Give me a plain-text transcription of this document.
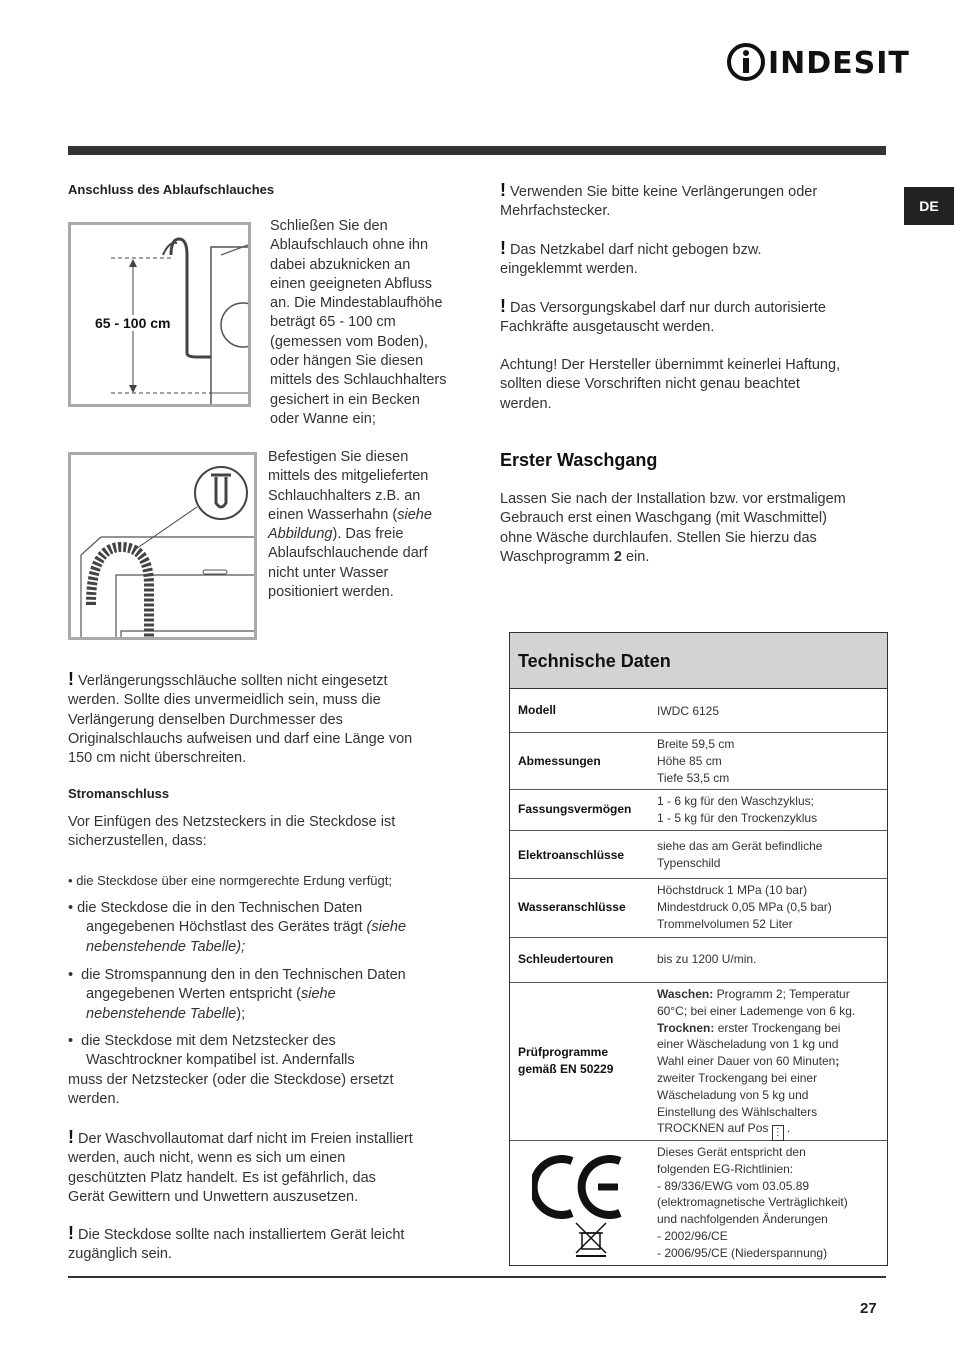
INDESIT
DE
Anschluss des Ablaufschlauches
65 - 100 cm
Schließen Sie den
Ablaufschlauch ohne ihn
dabei abzuknicken an
einen geeigneten Abfluss
an. Die Mindestablaufhöhe
beträgt 65 - 100 cm
(gemessen vom Boden),
oder hängen Sie diesen
mittels des Schlauchhalters
gesichert in ein Becken
oder Wanne ein;
Befestigen Sie diesen
mittels des mitgelieferten
Schlauchhalters z.B. an
einen Wasserhahn (siehe Abbildung). Das freie
Ablaufschlauchende darf
nicht unter Wasser
positioniert werden.
! Verlängerungsschläuche sollten nicht eingesetzt
werden. Sollte dies unvermeidlich sein, muss die
Verlängerung denselben Durchmesser des
Originalschlauchs aufweisen und darf eine Länge von
150 cm nicht überschreiten.
Stromanschluss
Vor Einfügen des Netzsteckers in die Steckdose ist
sicherzustellen, dass:
• die Steckdose über eine normgerechte Erdung verfügt;
• die Steckdose die in den Technischen Daten
angegebenen Höchstlast des Gerätes trägt (siehe
nebenstehende Tabelle);
• die Stromspannung den in den Technischen Daten
angegebenen Werten entspricht (siehe
nebenstehende Tabelle);
• die Steckdose mit dem Netzstecker des
Waschtrockner kompatibel ist. Andernfalls
muss der Netzstecker (oder die Steckdose) ersetzt
werden.
! Der Waschvollautomat darf nicht im Freien installiert
werden, auch nicht, wenn es sich um einen
geschützten Platz handelt. Es ist gefährlich, das
Gerät Gewittern und Unwettern auszusetzen.
! Die Steckdose sollte nach installiertem Gerät leicht
zugänglich sein.
! Verwenden Sie bitte keine Verlängerungen oder
Mehrfachstecker.
! Das Netzkabel darf nicht gebogen bzw.
eingeklemmt werden.
! Das Versorgungskabel darf nur durch autorisierte
Fachkräfte ausgetauscht werden.
Achtung! Der Hersteller übernimmt keinerlei Haftung,
sollten diese Vorschriften nicht genau beachtet
werden.
Erster Waschgang
Lassen Sie nach der Installation bzw. vor erstmaligem
Gebrauch erst einen Waschgang (mit Waschmittel)
ohne Wäsche durchlaufen. Stellen Sie hierzu das
Waschprogramm 2 ein.
Technische Daten
Modell	IWDC 6125
Abmessungen
Breite 59,5 cm
Höhe 85 cm
Tiefe 53,5 cm
Fassungsvermögen
1 - 6 kg für den Waschzyklus;
1 - 5 kg für den Trockenzyklus
Elektroanschlüsse
siehe das am Gerät befindliche
Typenschild
Wasseranschlüsse
Höchstdruck 1 MPa (10 bar)
Mindestdruck 0,05 MPa (0,5 bar)
Trommelvolumen 52 Liter
Schleudertouren	bis zu 1200 U/min.
Prüfprogramme
gemäß EN 50229
Waschen: Programm 2; Temperatur
60°C; bei einer Lademenge von 6 kg.
Trocknen: erster Trockengang bei
einer Wäscheladung von 1 kg und
Wahl einer Dauer von 60 Minuten;
zweiter Trockengang bei einer
Wäscheladung von 5 kg und
Einstellung des Wählschalters
TROCKNEN auf Pos ⋮ .
Dieses Gerät entspricht den
folgenden EG-Richtlinien:
- 89/336/EWG vom 03.05.89
(elektromagnetische Verträglichkeit)
und nachfolgenden Änderungen
- 2002/96/CE
- 2006/95/CE (Niederspannung)
27
